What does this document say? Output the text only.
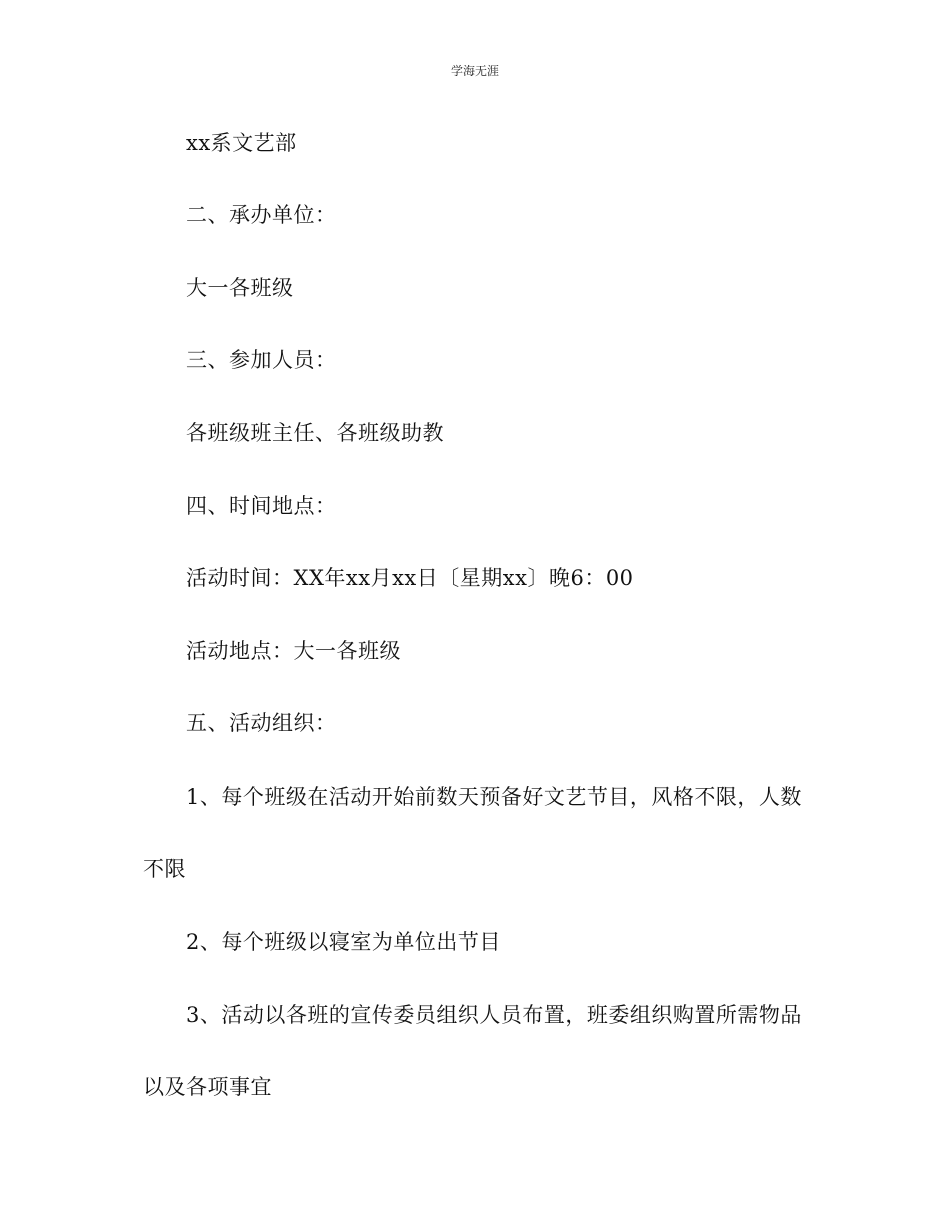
学海无涯
xx系文艺部
二、承办单位：
大一各班级
三、参加人员：
各班级班主任、各班级助教
四、时间地点：
活动时间：XX年xx月xx日〔星期xx〕晚6：00
活动地点：大一各班级
五、活动组织：
1、每个班级在活动开始前数天预备好文艺节目，风格不限，人数
不限
2、每个班级以寝室为单位出节目
3、活动以各班的宣传委员组织人员布置，班委组织购置所需物品
以及各项事宜
